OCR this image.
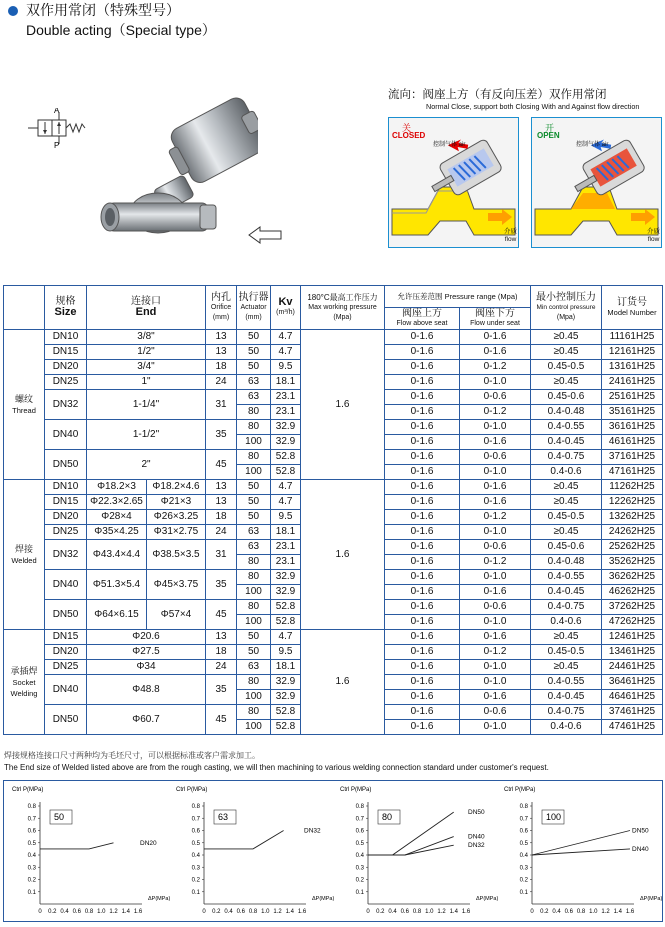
双作用常闭（特殊型号）
Double acting（Special type）
A
P
流向：阀座上方（有反向压差）双作用常闭
Normal Close, support both Closing With and Against flow direction
关
CLOSED
控制气体 air
介质
flow
开
OPEN
控制气体 air
介质
flow

	规格
Size	连接口
End		内孔
Orifice
(mm)	执行器
Actuator
(mm)	Kv
(m³/h)	180°C最高工作压力
Max working pressure
(Mpa)	允许压差范围 Pressure range (Mpa)		最小控制压力
Min control pressure
(Mpa)	订货号
Model Number

								阀座上方
Flow above seat	阀座下方
Flow under seat		

螺纹
Thread	DN10	3/8"		13	50	4.7	1.6	0-1.6	0-1.6	≥0.45	11161H25
	DN15	1/2"		13	50	4.7		0-1.6	0-1.6	≥0.45	12161H25
	DN20	3/4"		18	50	9.5		0-1.6	0-1.2	0.45-0.5	13161H25
	DN25	1"		24	63	18.1		0-1.6	0-1.0	≥0.45	24161H25
	DN32	1-1/4"		31	63	23.1		0-1.6	0-0.6	0.45-0.6	25161H25
					80	23.1		0-1.6	0-1.2	0.4-0.48	35161H25
	DN40	1-1/2"		35	80	32.9		0-1.6	0-1.0	0.4-0.55	36161H25
					100	32.9		0-1.6	0-1.6	0.4-0.45	46161H25
	DN50	2"		45	80	52.8		0-1.6	0-0.6	0.4-0.75	37161H25
					100	52.8		0-1.6	0-1.0	0.4-0.6	47161H25
焊接
Welded	DN10	Φ18.2×3	Φ18.2×4.6	13	50	4.7	1.6	0-1.6	0-1.6	≥0.45	11262H25
	DN15	Φ22.3×2.65	Φ21×3	13	50	4.7		0-1.6	0-1.6	≥0.45	12262H25
	DN20	Φ28×4	Φ26×3.25	18	50	9.5		0-1.6	0-1.2	0.45-0.5	13262H25
	DN25	Φ35×4.25	Φ31×2.75	24	63	18.1		0-1.6	0-1.0	≥0.45	24262H25
	DN32	Φ43.4×4.4	Φ38.5×3.5	31	63	23.1		0-1.6	0-0.6	0.45-0.6	25262H25
					80	23.1		0-1.6	0-1.2	0.4-0.48	35262H25
	DN40	Φ51.3×5.4	Φ45×3.75	35	80	32.9		0-1.6	0-1.0	0.4-0.55	36262H25
					100	32.9		0-1.6	0-1.6	0.4-0.45	46262H25
	DN50	Φ64×6.15	Φ57×4	45	80	52.8		0-1.6	0-0.6	0.4-0.75	37262H25
					100	52.8		0-1.6	0-1.0	0.4-0.6	47262H25
承插焊
Socket Welding	DN15	Φ20.6		13	50	4.7	1.6	0-1.6	0-1.6	≥0.45	12461H25
	DN20	Φ27.5		18	50	9.5		0-1.6	0-1.2	0.45-0.5	13461H25
	DN25	Φ34		24	63	18.1		0-1.6	0-1.0	≥0.45	24461H25
	DN40	Φ48.8		35	80	32.9		0-1.6	0-1.0	0.4-0.55	36461H25
					100	32.9		0-1.6	0-1.6	0.4-0.45	46461H25
	DN50	Φ60.7		45	80	52.8		0-1.6	0-0.6	0.4-0.75	37461H25
					100	52.8		0-1.6	0-1.0	0.4-0.6	47461H25
焊接规格连接口尺寸两种均为毛坯尺寸，可以根据标准或客户需求加工。
The End size of Welded listed above are from the rough casting, we will then machining to various welding connection standard under customer's request.
Ctrl P(MPa)
0.1
0.2
0.3
0.4
0.5
0.6
0.7
0.8
0 0.2 0.4 0.6 0.8 1.0 1.2 1.4 1.6
ΔP(MPa)
50
DN20
Ctrl P(MPa)
0.1
0.2
0.3
0.4
0.5
0.6
0.7
0.8
0 0.2 0.4 0.6 0.8 1.0 1.2 1.4 1.6
ΔP(MPa)
63
DN32
Ctrl P(MPa)
0.1
0.2
0.3
0.4
0.5
0.6
0.7
0.8
0 0.2 0.4 0.6 0.8 1.0 1.2 1.4 1.6
ΔP(MPa)
80	DN50
DN40
DN32
Ctrl P(MPa)
0.1
0.2
0.3
0.4
0.5
0.6
0.7
0.8
0 0.2 0.4 0.6 0.8 1.0 1.2 1.4 1.6
ΔP(MPa)
100
DN50
DN40
